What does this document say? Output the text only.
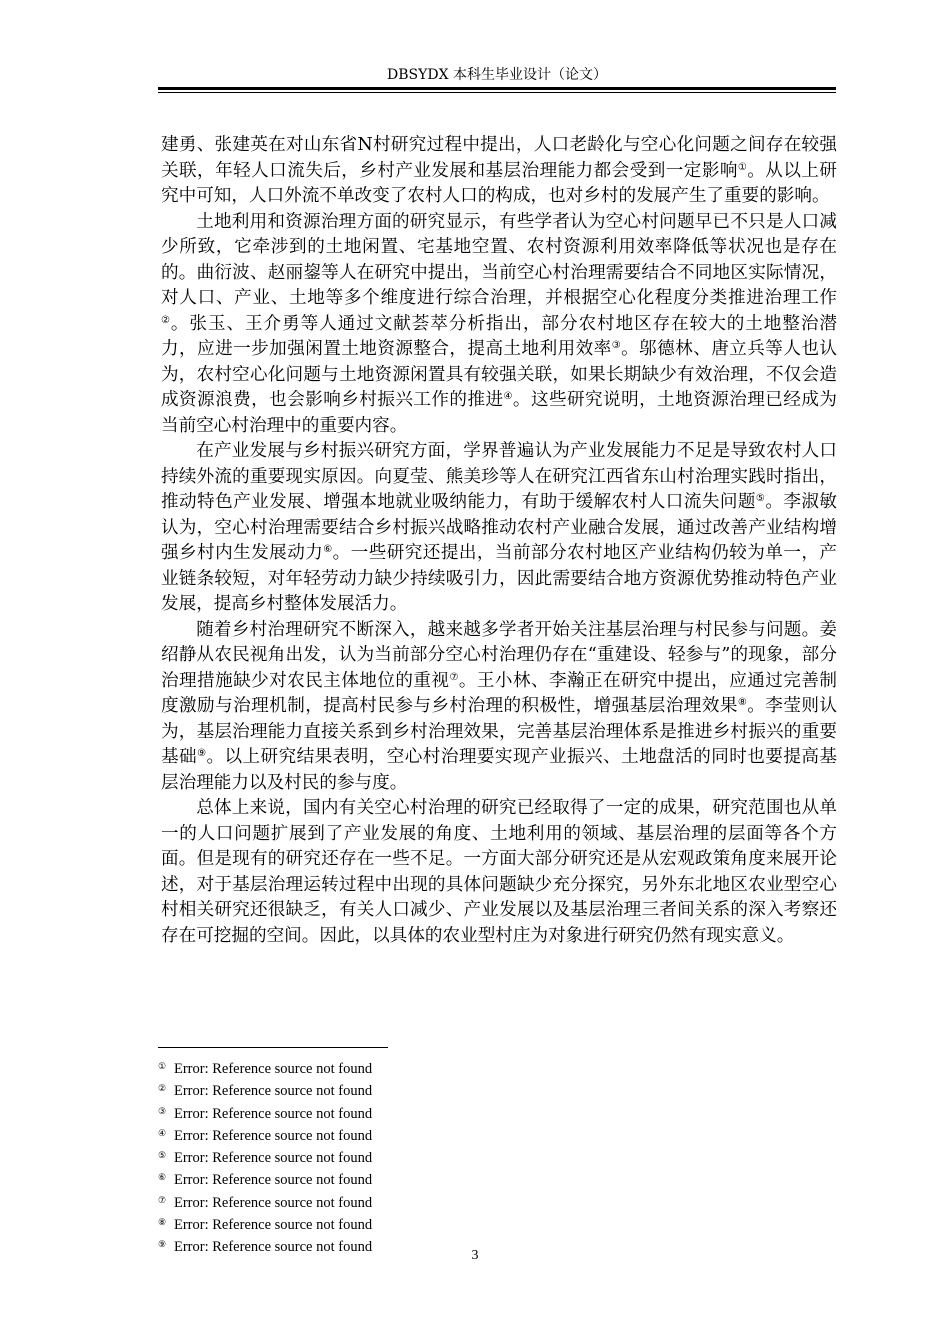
DBSYDX 本科生毕业设计（论文）

建勇、张建英在对山东省N村研究过程中提出，人口老龄化与空心化问题之间存在较强关联，年轻人口流失后，乡村产业发展和基层治理能力都会受到一定影响①。从以上研究中可知，人口外流不单改变了农村人口的构成，也对乡村的发展产生了重要的影响。

土地利用和资源治理方面的研究显示，有些学者认为空心村问题早已不只是人口减少所致，它牵涉到的土地闲置、宅基地空置、农村资源利用效率降低等状况也是存在的。曲衍波、赵丽鋆等人在研究中提出，当前空心村治理需要结合不同地区实际情况，对人口、产业、土地等多个维度进行综合治理，并根据空心化程度分类推进治理工作②。张玉、王介勇等人通过文献荟萃分析指出，部分农村地区存在较大的土地整治潜力，应进一步加强闲置土地资源整合，提高土地利用效率③。邬德林、唐立兵等人也认为，农村空心化问题与土地资源闲置具有较强关联，如果长期缺少有效治理，不仅会造成资源浪费，也会影响乡村振兴工作的推进④。这些研究说明，土地资源治理已经成为当前空心村治理中的重要内容。

在产业发展与乡村振兴研究方面，学界普遍认为产业发展能力不足是导致农村人口持续外流的重要现实原因。向夏莹、熊美珍等人在研究江西省东山村治理实践时指出，推动特色产业发展、增强本地就业吸纳能力，有助于缓解农村人口流失问题⑤。李淑敏认为，空心村治理需要结合乡村振兴战略推动农村产业融合发展，通过改善产业结构增强乡村内生发展动力⑥。一些研究还提出，当前部分农村地区产业结构仍较为单一，产业链条较短，对年轻劳动力缺少持续吸引力，因此需要结合地方资源优势推动特色产业发展，提高乡村整体发展活力。

随着乡村治理研究不断深入，越来越多学者开始关注基层治理与村民参与问题。姜绍静从农民视角出发，认为当前部分空心村治理仍存在“重建设、轻参与”的现象，部分治理措施缺少对农民主体地位的重视⑦。王小林、李瀚正在研究中提出，应通过完善制度激励与治理机制，提高村民参与乡村治理的积极性，增强基层治理效果⑧。李莹则认为，基层治理能力直接关系到乡村治理效果，完善基层治理体系是推进乡村振兴的重要基础⑨。以上研究结果表明，空心村治理要实现产业振兴、土地盘活的同时也要提高基层治理能力以及村民的参与度。

总体上来说，国内有关空心村治理的研究已经取得了一定的成果，研究范围也从单一的人口问题扩展到了产业发展的角度、土地利用的领域、基层治理的层面等各个方面。但是现有的研究还存在一些不足。一方面大部分研究还是从宏观政策角度来展开论述，对于基层治理运转过程中出现的具体问题缺少充分探究，另外东北地区农业型空心村相关研究还很缺乏，有关人口减少、产业发展以及基层治理三者间关系的深入考察还存在可挖掘的空间。因此，以具体的农业型村庄为对象进行研究仍然有现实意义。

① Error: Reference source not found
② Error: Reference source not found
③ Error: Reference source not found
④ Error: Reference source not found
⑤ Error: Reference source not found
⑥ Error: Reference source not found
⑦ Error: Reference source not found
⑧ Error: Reference source not found
⑨ Error: Reference source not found
3
